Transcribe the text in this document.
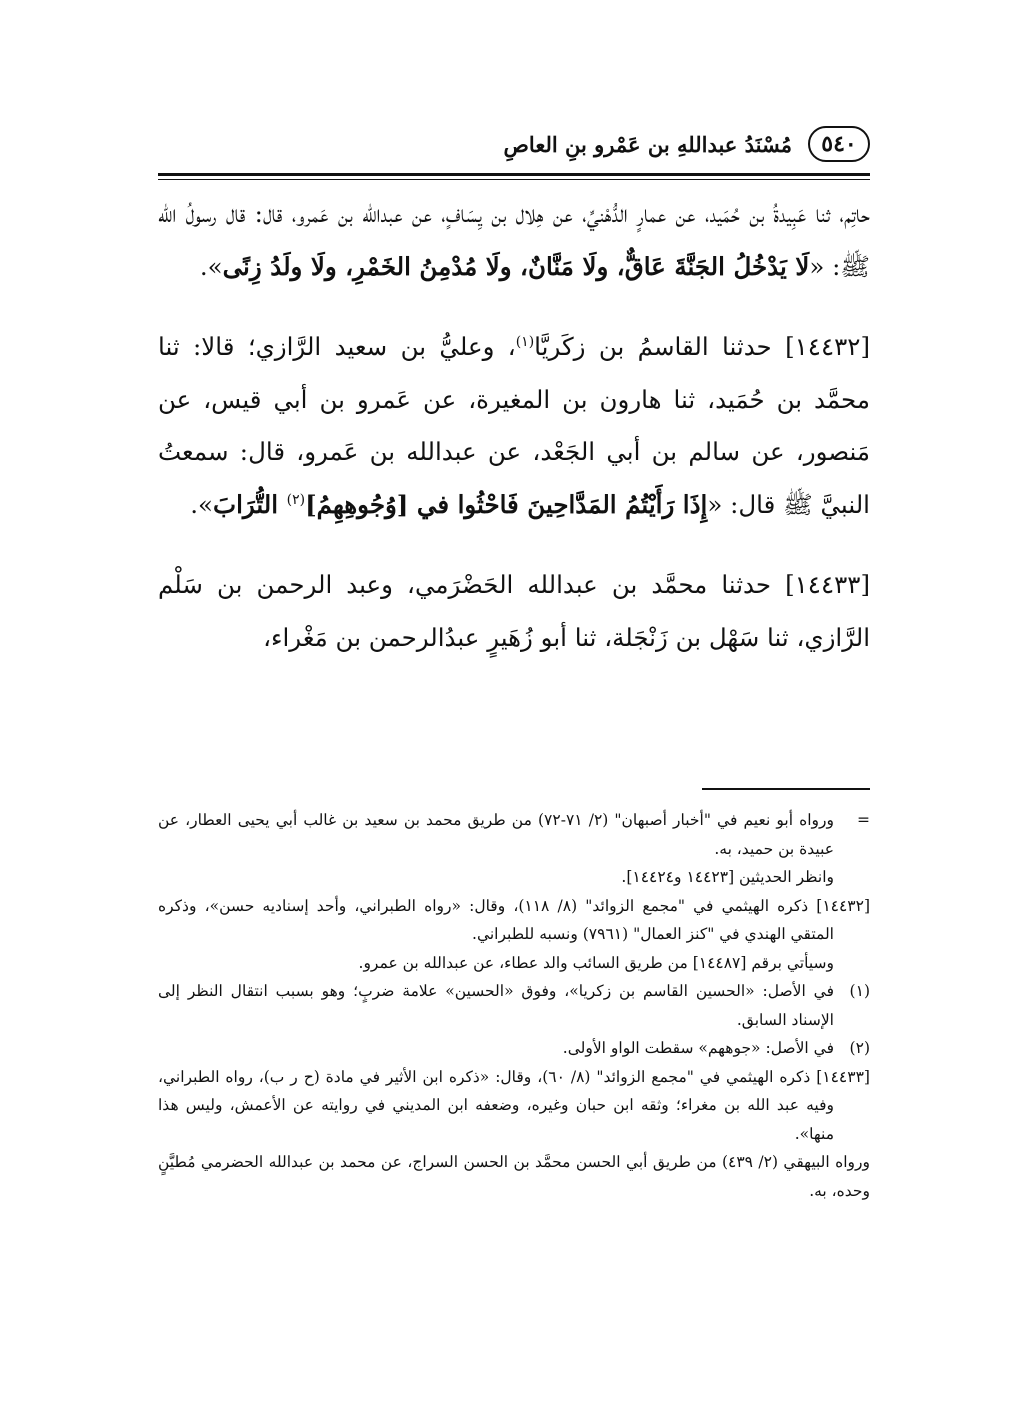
٥٤٠
مُسْنَدُ عبداللهِ بن عَمْرو بنِ العاصِ

حاتِم، ثنا عَبِيدةُ بن حُمَيد، عن عمارٍ الدُّهْنيِّ، عن هِلال بن يِسَافٍ، عن عبدالله بن عَمرو، قال: قال رسولُ الله ﷺ: «لَا يَدْخُلُ الجَنَّةَ عَاقٌّ، ولَا مَنَّانٌ، ولَا مُدْمِنُ الخَمْرِ، ولَا ولَدُ زِنًى».

[١٤٤٣٢] حدثنا القاسمُ بن زكَريَّا$^{(١)}$، وعليُّ بن سعيد الرَّازي؛ قالا: ثنا محمَّد بن حُمَيد، ثنا هارون بن المغيرة، عن عَمرو بن أبي قيس، عن مَنصور، عن سالم بن أبي الجَعْد، عن عبدالله بن عَمرو، قال: سمعتُ النبيَّ ﷺ قال: «إِذَا رَأَيْتُمُ المَدَّاحِينَ فَاحْثُوا في [وُجُوهِهِمُ]$^{(٢)}$ التُّرَابَ».

[١٤٤٣٣] حدثنا محمَّد بن عبدالله الحَضْرَمي، وعبد الرحمن بن سَلْم الرَّازي، ثنا سَهْل بن زَنْجَلة، ثنا أبو زُهَيرٍ عبدُالرحمن بن مَغْراء،

=
ورواه أبو نعيم في "أخبار أصبهان" (٢/ ٧١-٧٢) من طريق محمد بن سعيد بن غالب أبي يحيى العطار، عن عبيدة بن حميد، به.
وانظر الحديثين [١٤٤٢٣ و١٤٤٢٤].
[١٤٤٣٢] ذكره الهيثمي في "مجمع الزوائد" (٨/ ١١٨)، وقال: «رواه الطبراني، وأحد إسناديه حسن»، وذكره المتقي الهندي في "كنز العمال" (٧٩٦١) ونسبه للطبراني.
وسيأتي برقم [١٤٤٨٧] من طريق السائب والد عطاء، عن عبدالله بن عمرو.
(١)
في الأصل: «الحسين القاسم بن زكريا»، وفوق «الحسين» علامة ضربٍ؛ وهو بسبب انتقال النظر إلى الإسناد السابق.
(٢)
في الأصل: «جوههم» سقطت الواو الأولى.
[١٤٤٣٣] ذكره الهيثمي في "مجمع الزوائد" (٨/ ٦٠)، وقال: «ذكره ابن الأثير في مادة (ح ر ب)، رواه الطبراني، وفيه عبد الله بن مغراء؛ وثقه ابن حبان وغيره، وضعفه ابن المديني في روايته عن الأعمش، وليس هذا منها».
ورواه البيهقي (٢/ ٤٣٩) من طريق أبي الحسن محمَّد بن الحسن السراج، عن محمد بن عبدالله الحضرمي مُطيَّنٍ وحده، به.
